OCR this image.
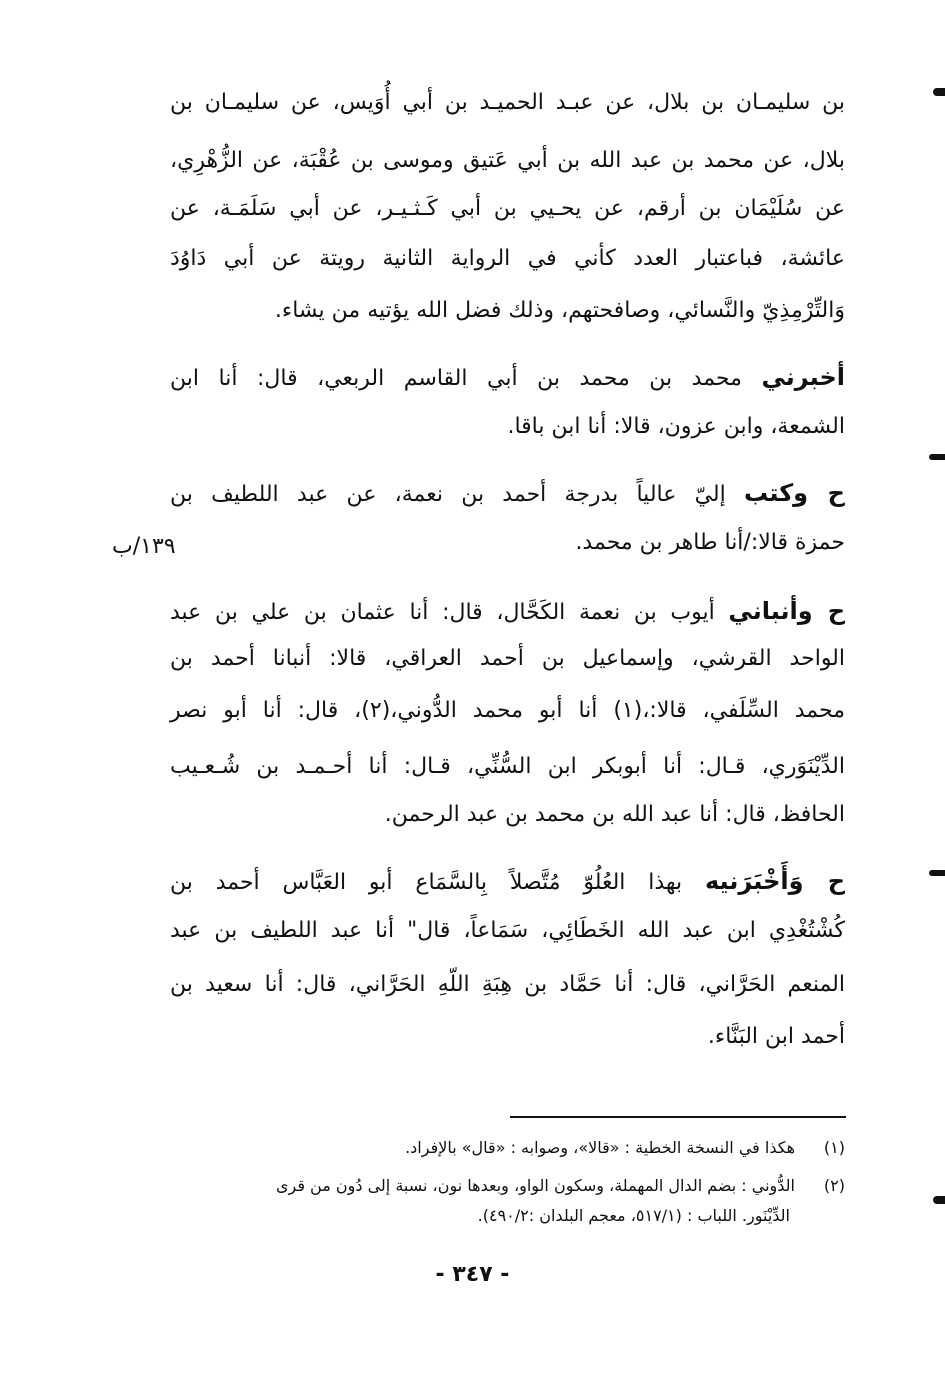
بن سليمـان بن بلال، عن عبـد الحميـد بن أبي أُوَيس، عن سليمـان بن
بلال، عن محمد بن عبد الله بن أبي عَتيق وموسى بن عُقْبَة، عن الزُّهْرِي،
عن سُلَيْمَان بن أرقم، عن يحـيي بن أبي كَـثـيـر، عن أبي سَلَمَـة، عن
عائشة، فباعتبار العدد كأني في الرواية الثانية رويتة عن أبي دَاوُدَ
وَالتِّرْمِذِيّ والنَّسائي، وصافحتهم، وذلك فضل الله يؤتيه من يشاء.
أخبرني محمد بن محمد بن أبي القاسم الربعي، قال: أنا ابن
الشمعة، وابن عزون، قالا: أنا ابن باقا.
ح وكتب إليّ عالياً بدرجة أحمد بن نعمة، عن عبد اللطيف بن
حمزة قالا:/أنا طاهر بن محمد.
١٣٩/ب
ح وأنباني أيوب بن نعمة الكَحَّال، قال: أنا عثمان بن علي بن عبد
الواحد القرشي، وإسماعيل بن أحمد العراقي، قالا: أنبانا أحمد بن
محمد السِّلَفي، قالا:،(١) أنا أبو محمد الدُّوني،(٢)، قال: أنا أبو نصر
الدِّيْنَوَري، قـال: أنا أبوبكر ابن السُّنِّي، قـال: أنا أحـمـد بن شُـعـيب
الحافظ، قال: أنا عبد الله بن محمد بن عبد الرحمن.
ح وَأَخْبَرَنيه بهذا العُلُوّ مُتَّصلاً بِالسَّمَاع أبو العَبَّاس أحمد بن
كُشْتُغْدِي ابن عبد الله الخَطَائِي، سَمَاعاً، قال" أنا عبد اللطيف بن عبد
المنعم الحَرَّاني، قال: أنا حَمَّاد بن هِبَةِ اللّهِ الحَرَّاني، قال: أنا سعيد بن
أحمد ابن البَنَّاء.
(١)هكذا في النسخة الخطية : «قالا»، وصوابه : «قال» بالإفراد.
(٢)الدُّوني : بضم الدال المهملة، وسكون الواو، وبعدها نون، نسبة إلى دُون من قرى
الدِّيْنَور. اللباب : (٥١٧/١، معجم البلدان :٤٩٠/٢).
- ٣٤٧ -
